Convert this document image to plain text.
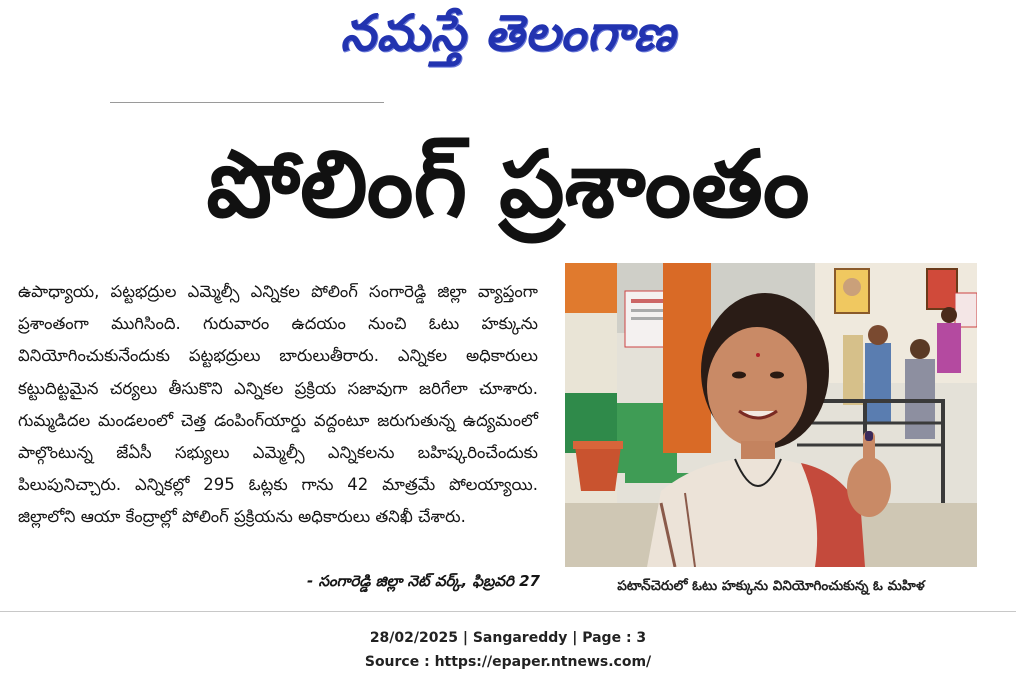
నమస్తే తెలంగాణ
పోలింగ్ ప్రశాంతం

ఉపాధ్యాయ, పట్టభద్రుల ఎమ్మెల్సీ ఎన్నికల పోలింగ్ సంగారెడ్డి జిల్లా వ్యాప్తంగా ప్రశాంతంగా ముగిసింది. గురువారం ఉదయం నుంచి ఓటు హక్కును వినియోగించుకునేందుకు పట్టభద్రులు బారులుతీరారు. ఎన్నికల అధికారులు కట్టుదిట్టమైన చర్యలు తీసుకొని ఎన్నికల ప్రక్రియ సజావుగా జరిగేలా చూశారు. గుమ్మడిదల మండలంలో చెత్త డంపింగ్‌యార్డు వద్దంటూ జరుగుతున్న ఉద్యమంలో పాల్గొంటున్న జేఏసీ సభ్యులు ఎమ్మెల్సీ ఎన్నికలను బహిష్కరించేందుకు పిలుపునిచ్చారు. ఎన్నికల్లో 295 ఓట్లకు గాను 42 మాత్రమే పోలయ్యాయి. జిల్లాలోని ఆయా కేంద్రాల్లో పోలింగ్ ప్రక్రియను అధికారులు తనిఖీ చేశారు.

- సంగారెడ్డి జిల్లా నెట్ వర్క్, ఫిబ్రవరి 27	పటాన్‌చెరులో ఓటు హక్కును వినియోగించుకున్న ఓ మహిళ
28/02/2025 | Sangareddy | Page : 3
Source : https://epaper.ntnews.com/
